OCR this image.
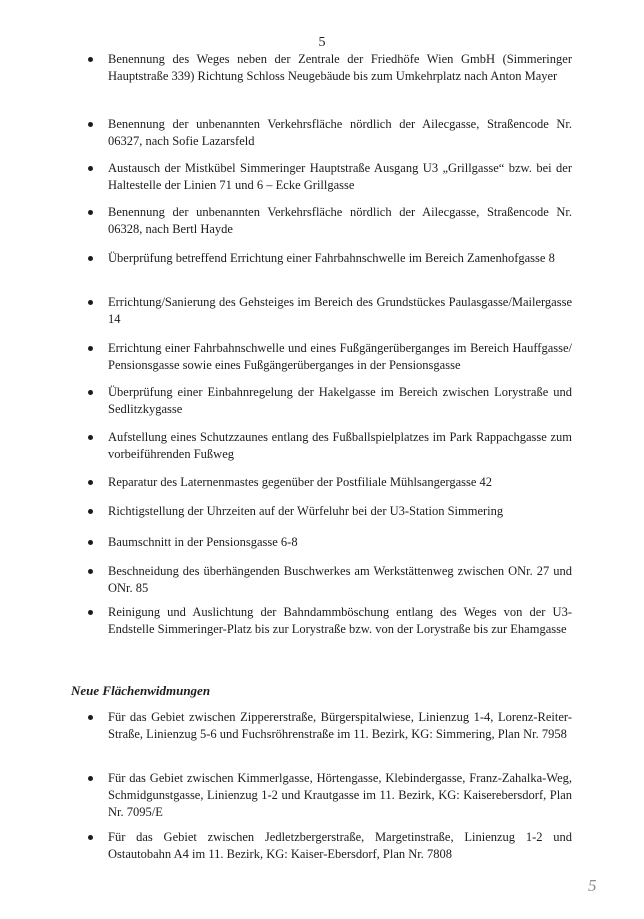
5
Benennung des Weges neben der Zentrale der Friedhöfe Wien GmbH (Simmeringer Hauptstraße 339) Richtung Schloss Neugebäude bis zum Umkehrplatz nach Anton Mayer
Benennung der unbenannten Verkehrsfläche nördlich der Ailecgasse, Straßencode Nr. 06327, nach Sofie Lazarsfeld
Austausch der Mistkübel Simmeringer Hauptstraße Ausgang U3 „Grillgasse“ bzw. bei der Haltestelle der Linien 71 und 6 – Ecke Grillgasse
Benennung der unbenannten Verkehrsfläche nördlich der Ailecgasse, Straßencode Nr. 06328, nach Bertl Hayde
Überprüfung betreffend Errichtung einer Fahrbahnschwelle im Bereich Zamenhofgasse 8
Errichtung/Sanierung des Gehsteiges im Bereich des Grundstückes Paulasgasse/Mailergasse 14
Errichtung einer Fahrbahnschwelle und eines Fußgängerüberganges im Bereich Hauffgasse/ Pensionsgasse sowie eines Fußgängerüberganges in der Pensionsgasse
Überprüfung einer Einbahnregelung der Hakelgasse im Bereich zwischen Lorystraße und Sedlitzkygasse
Aufstellung eines Schutzzaunes entlang des Fußballspielplatzes im Park Rappachgasse zum vorbeiführenden Fußweg
Reparatur des Laternenmastes gegenüber der Postfiliale Mühlsangergasse 42
Richtigstellung der Uhrzeiten auf der Würfeluhr bei der U3-Station Simmering
Baumschnitt in der Pensionsgasse 6-8
Beschneidung des überhängenden Buschwerkes am Werkstättenweg zwischen ONr. 27 und ONr. 85
Reinigung und Auslichtung der Bahndammböschung entlang des Weges von der U3-Endstelle Simmeringer-Platz bis zur Lorystraße bzw. von der Lorystraße bis zur Ehamgasse
Neue Flächenwidmungen
Für das Gebiet zwischen Zippererstraße, Bürgerspitalwiese, Linienzug 1-4, Lorenz-Reiter-Straße, Linienzug 5-6 und Fuchsröhrenstraße im 11. Bezirk, KG: Simmering, Plan Nr. 7958
Für das Gebiet zwischen Kimmerlgasse, Hörtengasse, Klebindergasse, Franz-Zahalka-Weg, Schmidgunstgasse, Linienzug 1-2 und Krautgasse im 11. Bezirk, KG: Kaiserebersdorf, Plan Nr. 7095/E
Für das Gebiet zwischen Jedletzbergerstraße, Margetinstraße, Linienzug 1-2 und Ostautobahn A4 im 11. Bezirk, KG: Kaiser-Ebersdorf, Plan Nr. 7808
5
